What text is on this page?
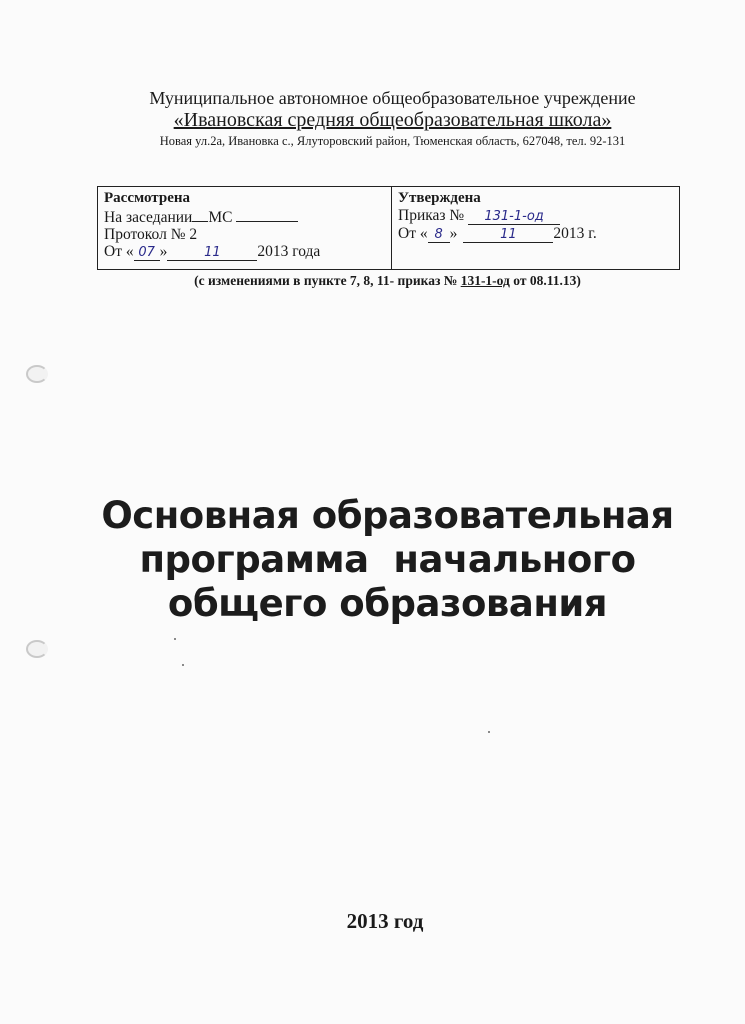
Муниципальное автономное общеобразовательное учреждение
«Ивановская средняя общеобразовательная школа»
Новая ул.2а, Ивановка с., Ялуторовский район, Тюменская область, 627048, тел. 92-131
Рассмотрена
На заседании МС
Протокол № 2
От « 07 »	11 2013 года
Утверждена
Приказ № 131-1-од
От « 8 »	11 2013 г.
(с изменениями в пункте 7, 8, 11- приказ № 131-1-од от 08.11.13)
Основная образовательная
программа  начального
общего образования
2013 год
